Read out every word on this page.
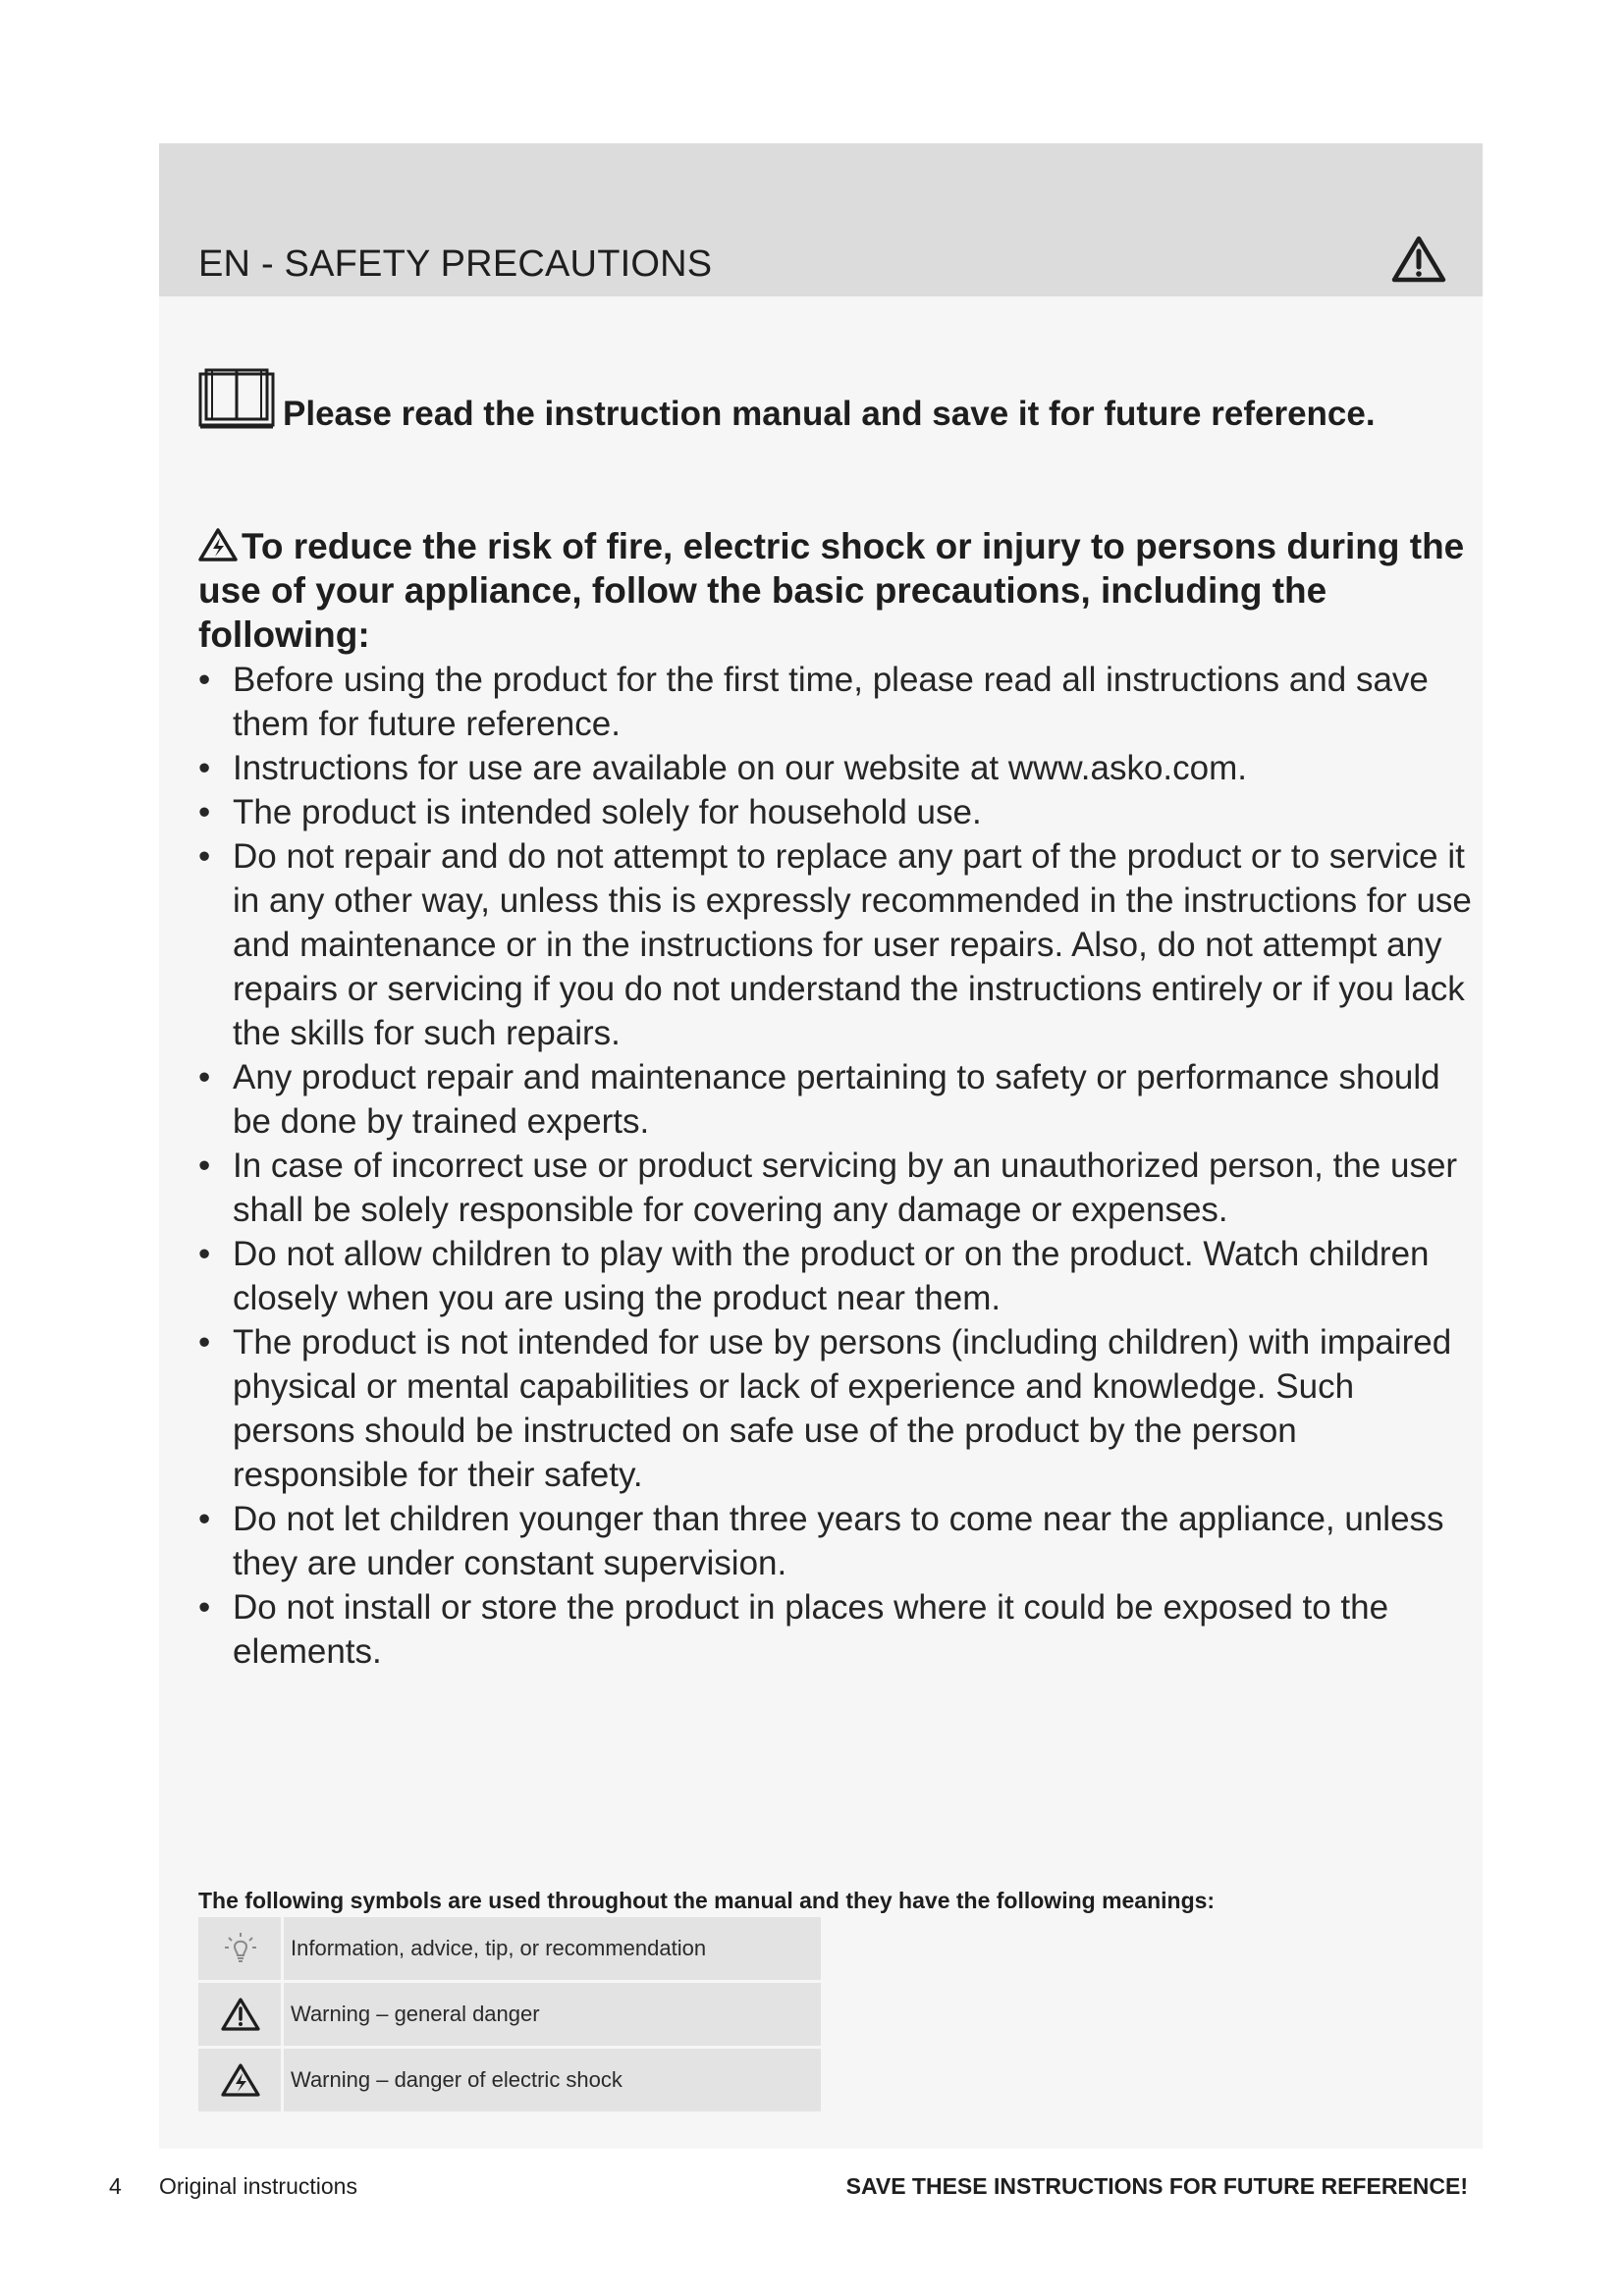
EN - SAFETY PRECAUTIONS
Please read the instruction manual and save it for future reference.
To reduce the risk of fire, electric shock or injury to persons during the use of your appliance, follow the basic precautions, including the following:
• Before using the product for the first time, please read all instructions and save them for future reference.
• Instructions for use are available on our website at www.asko.com.
• The product is intended solely for household use.
• Do not repair and do not attempt to replace any part of the product or to service it in any other way, unless this is expressly recommended in the instructions for use and maintenance or in the instructions for user repairs. Also, do not attempt any repairs or servicing if you do not understand the instructions entirely or if you lack the skills for such repairs.
• Any product repair and maintenance pertaining to safety or performance should be done by trained experts.
• In case of incorrect use or product servicing by an unauthorized person, the user shall be solely responsible for covering any damage or expenses.
• Do not allow children to play with the product or on the product. Watch children closely when you are using the product near them.
• The product is not intended for use by persons (including children) with impaired physical or mental capabilities or lack of experience and knowledge. Such persons should be instructed on safe use of the product by the person responsible for their safety.
• Do not let children younger than three years to come near the appliance, unless they are under constant supervision.
• Do not install or store the product in places where it could be exposed to the elements.
The following symbols are used throughout the manual and they have the following meanings:
Information, advice, tip, or recommendation
Warning – general danger
Warning – danger of electric shock
4 Original instructions	SAVE THESE INSTRUCTIONS FOR FUTURE REFERENCE!
